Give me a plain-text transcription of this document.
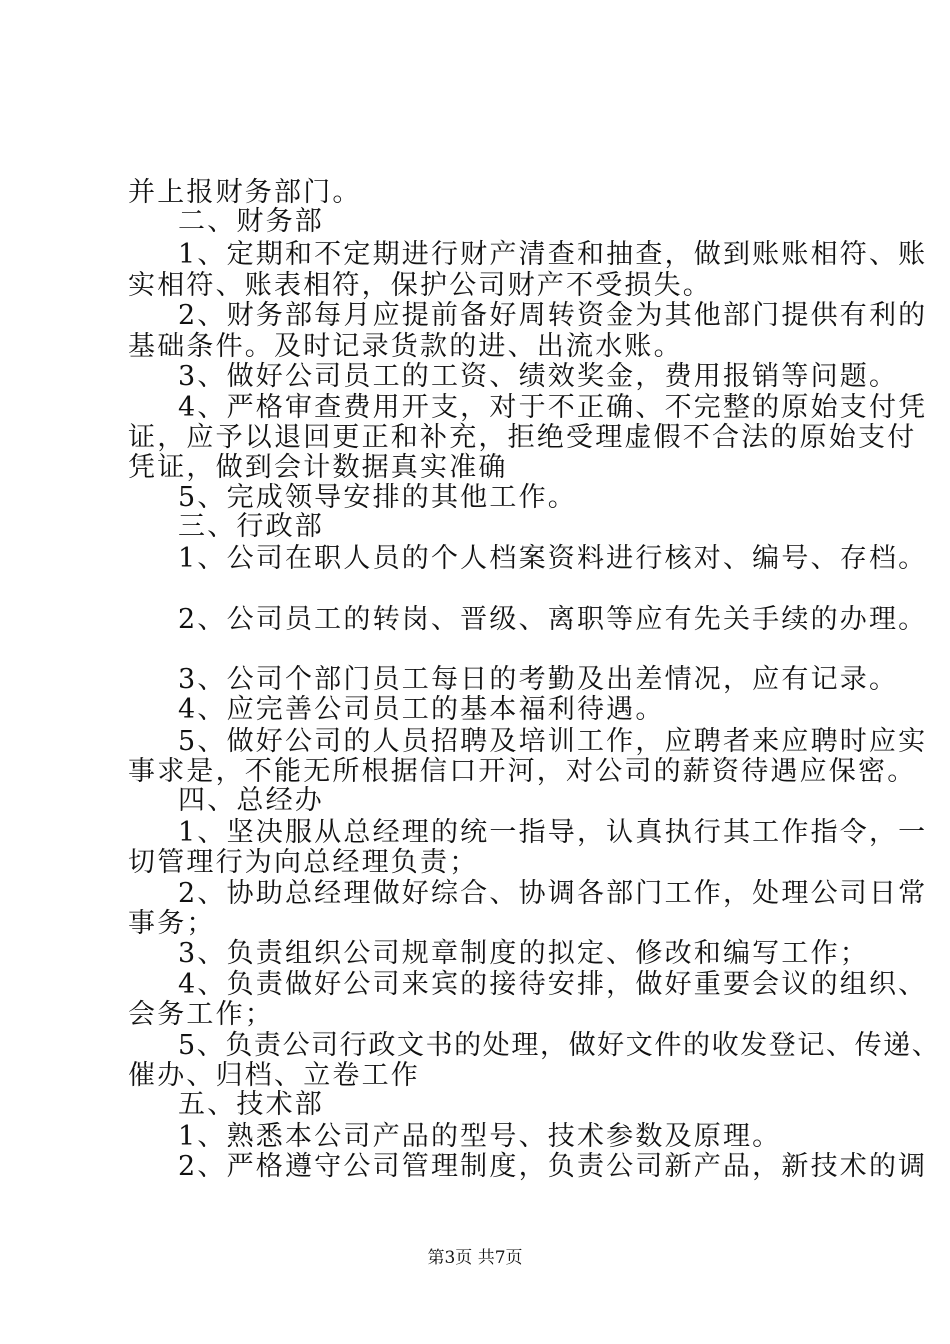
并上报财务部门。
二、财务部
1、定期和不定期进行财产清查和抽查，做到账账相符、账
实相符、账表相符，保护公司财产不受损失。
2、财务部每月应提前备好周转资金为其他部门提供有利的
基础条件。及时记录货款的进、出流水账。
3、做好公司员工的工资、绩效奖金，费用报销等问题。
4、严格审查费用开支，对于不正确、不完整的原始支付凭
证，应予以退回更正和补充，拒绝受理虚假不合法的原始支付
凭证，做到会计数据真实准确
5、完成领导安排的其他工作。
三、行政部
1、公司在职人员的个人档案资料进行核对、编号、存档。
2、公司员工的转岗、晋级、离职等应有先关手续的办理。
3、公司个部门员工每日的考勤及出差情况，应有记录。
4、应完善公司员工的基本福利待遇。
5、做好公司的人员招聘及培训工作，应聘者来应聘时应实
事求是，不能无所根据信口开河，对公司的薪资待遇应保密。
四、总经办
1、坚决服从总经理的统一指导，认真执行其工作指令，一
切管理行为向总经理负责；
2、协助总经理做好综合、协调各部门工作，处理公司日常
事务；
3、负责组织公司规章制度的拟定、修改和编写工作；
4、负责做好公司来宾的接待安排，做好重要会议的组织、
会务工作；
5、负责公司行政文书的处理，做好文件的收发登记、传递、
催办、归档、立卷工作
五、技术部
1、熟悉本公司产品的型号、技术参数及原理。
2、严格遵守公司管理制度，负责公司新产品，新技术的调
第3页 共7页
